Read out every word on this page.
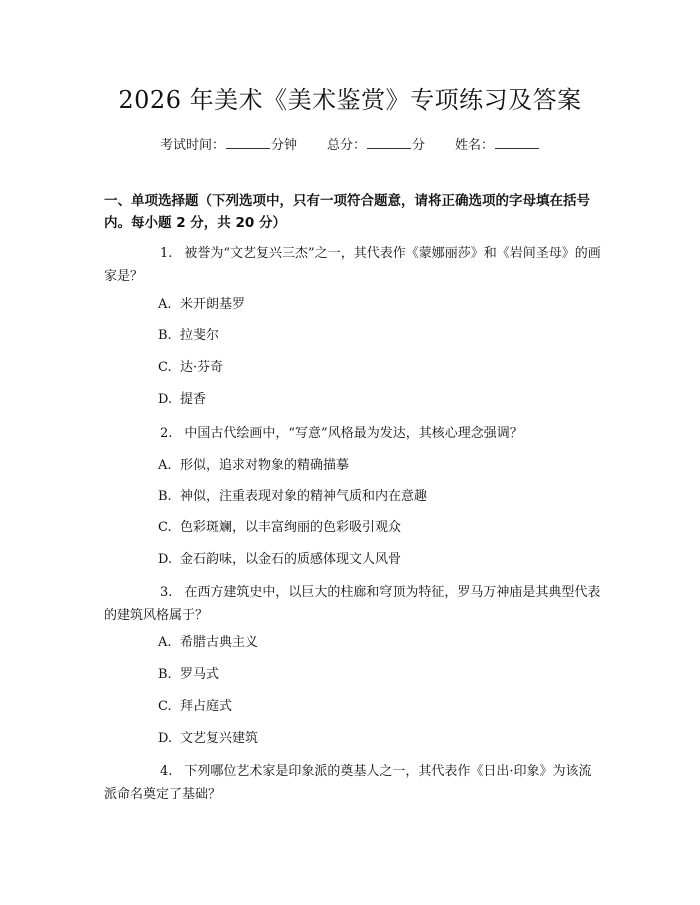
2026 年美术《美术鉴赏》专项练习及答案
考试时间：	分钟 总分：	分 姓名：
一、单项选择题（下列选项中，只有一项符合题意，请将正确选项的字母填在括号内。每小题 2 分，共 20 分）
1. 被誉为“文艺复兴三杰”之一，其代表作《蒙娜丽莎》和《岩间圣母》的画家是？
A. 米开朗基罗
B. 拉斐尔
C. 达·芬奇
D. 提香
2. 中国古代绘画中，“写意”风格最为发达，其核心理念强调？
A. 形似，追求对物象的精确描摹
B. 神似，注重表现对象的精神气质和内在意趣
C. 色彩斑斓，以丰富绚丽的色彩吸引观众
D. 金石韵味，以金石的质感体现文人风骨
3. 在西方建筑史中，以巨大的柱廊和穹顶为特征，罗马万神庙是其典型代表的建筑风格属于？
A. 希腊古典主义
B. 罗马式
C. 拜占庭式
D. 文艺复兴建筑
4. 下列哪位艺术家是印象派的奠基人之一，其代表作《日出·印象》为该流派命名奠定了基础？
